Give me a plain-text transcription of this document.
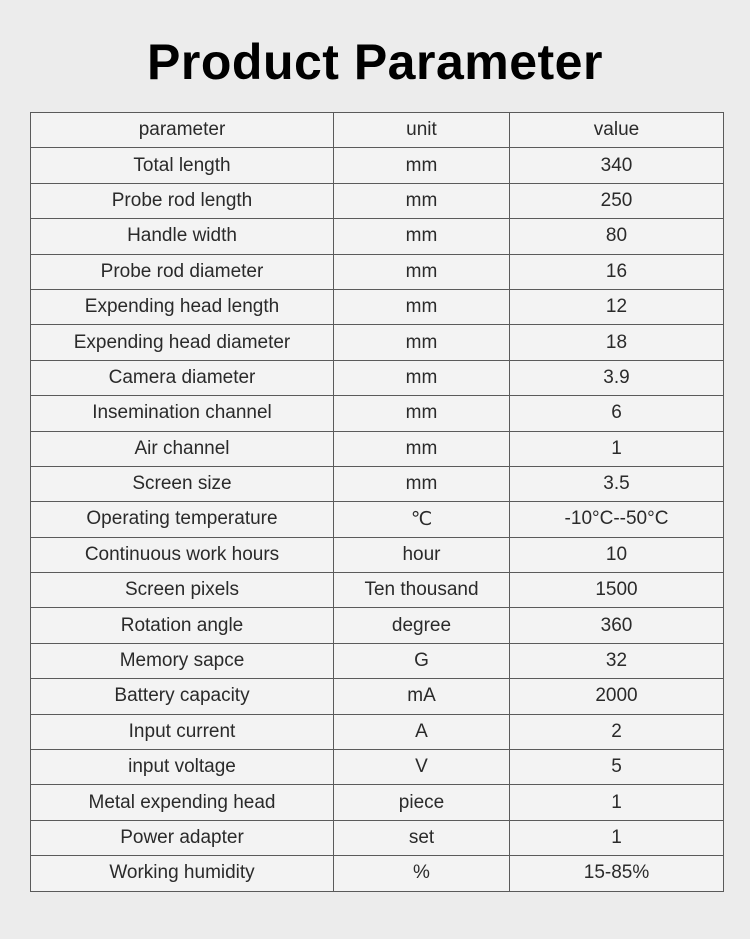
Product Parameter
parameter	unit	value
Total length	mm	340
Probe rod length	mm	250
Handle width	mm	80
Probe rod diameter	mm	16
Expending head length	mm	12
Expending head diameter	mm	18
Camera diameter	mm	3.9
Insemination channel	mm	6
Air channel	mm	1
Screen size	mm	3.5
Operating temperature	℃	-10°C--50°C
Continuous work hours	hour	10
Screen pixels	Ten thousand	1500
Rotation angle	degree	360
Memory sapce	G	32
Battery capacity	mA	2000
Input current	A	2
input voltage	V	5
Metal expending head	piece	1
Power adapter	set	1
Working humidity	%	15-85%
